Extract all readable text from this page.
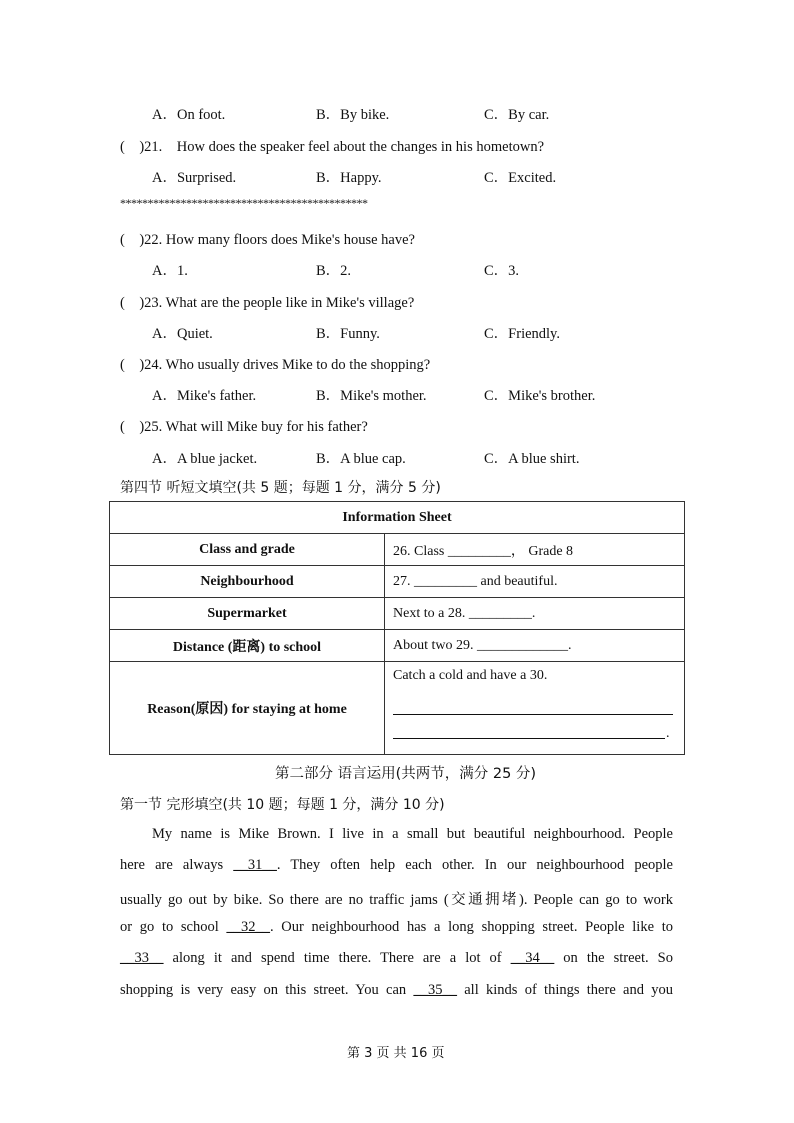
A．On foot.	B．By bike.	C．By car.
(　)21.　How does the speaker feel about the changes in his hometown?
A．Surprised.	B．Happy.	C．Excited.
*********************************************
(　)22. How many floors does Mike's house have?
A．1.	B．2.	C．3.
(　)23. What are the people like in Mike's village?
A．Quiet.	B．Funny.	C．Friendly.
(　)24. Who usually drives Mike to do the shopping?
A．Mike's father.	B．Mike's mother.	C．Mike's brother.
(　)25. What will Mike buy for his father?
A．A blue jacket.	B．A blue cap.	C．A blue shirt.
第四节 听短文填空(共 5 题；每题 1 分，满分 5 分)
Information Sheet	
Class and grade	26. Class _________， Grade 8
Neighbourhood	27. _________ and beautiful.
Supermarket	Next to a 28. _________.
Distance (距离) to school	About two 29. _____________.
Reason(原因) for staying at home	Catch a cold and have a 30.
.
第二部分 语言运用(共两节，满分 25 分)
第一节 完形填空(共 10 题；每题 1 分，满分 10 分)
My name is Mike Brown. I live in a small but beautiful neighbourhood. People
here are always __31__. They often help each other. In our neighbourhood people
usually go out by bike. So there are no traffic jams (交通拥堵). People can go to work
or go to school __32__. Our neighbourhood has a long shopping street. People like to
__33__ along it and spend time there. There are a lot of __34__ on the street. So
shopping is very easy on this street. You can __35__ all kinds of things there and you
第 3 页 共 16 页
